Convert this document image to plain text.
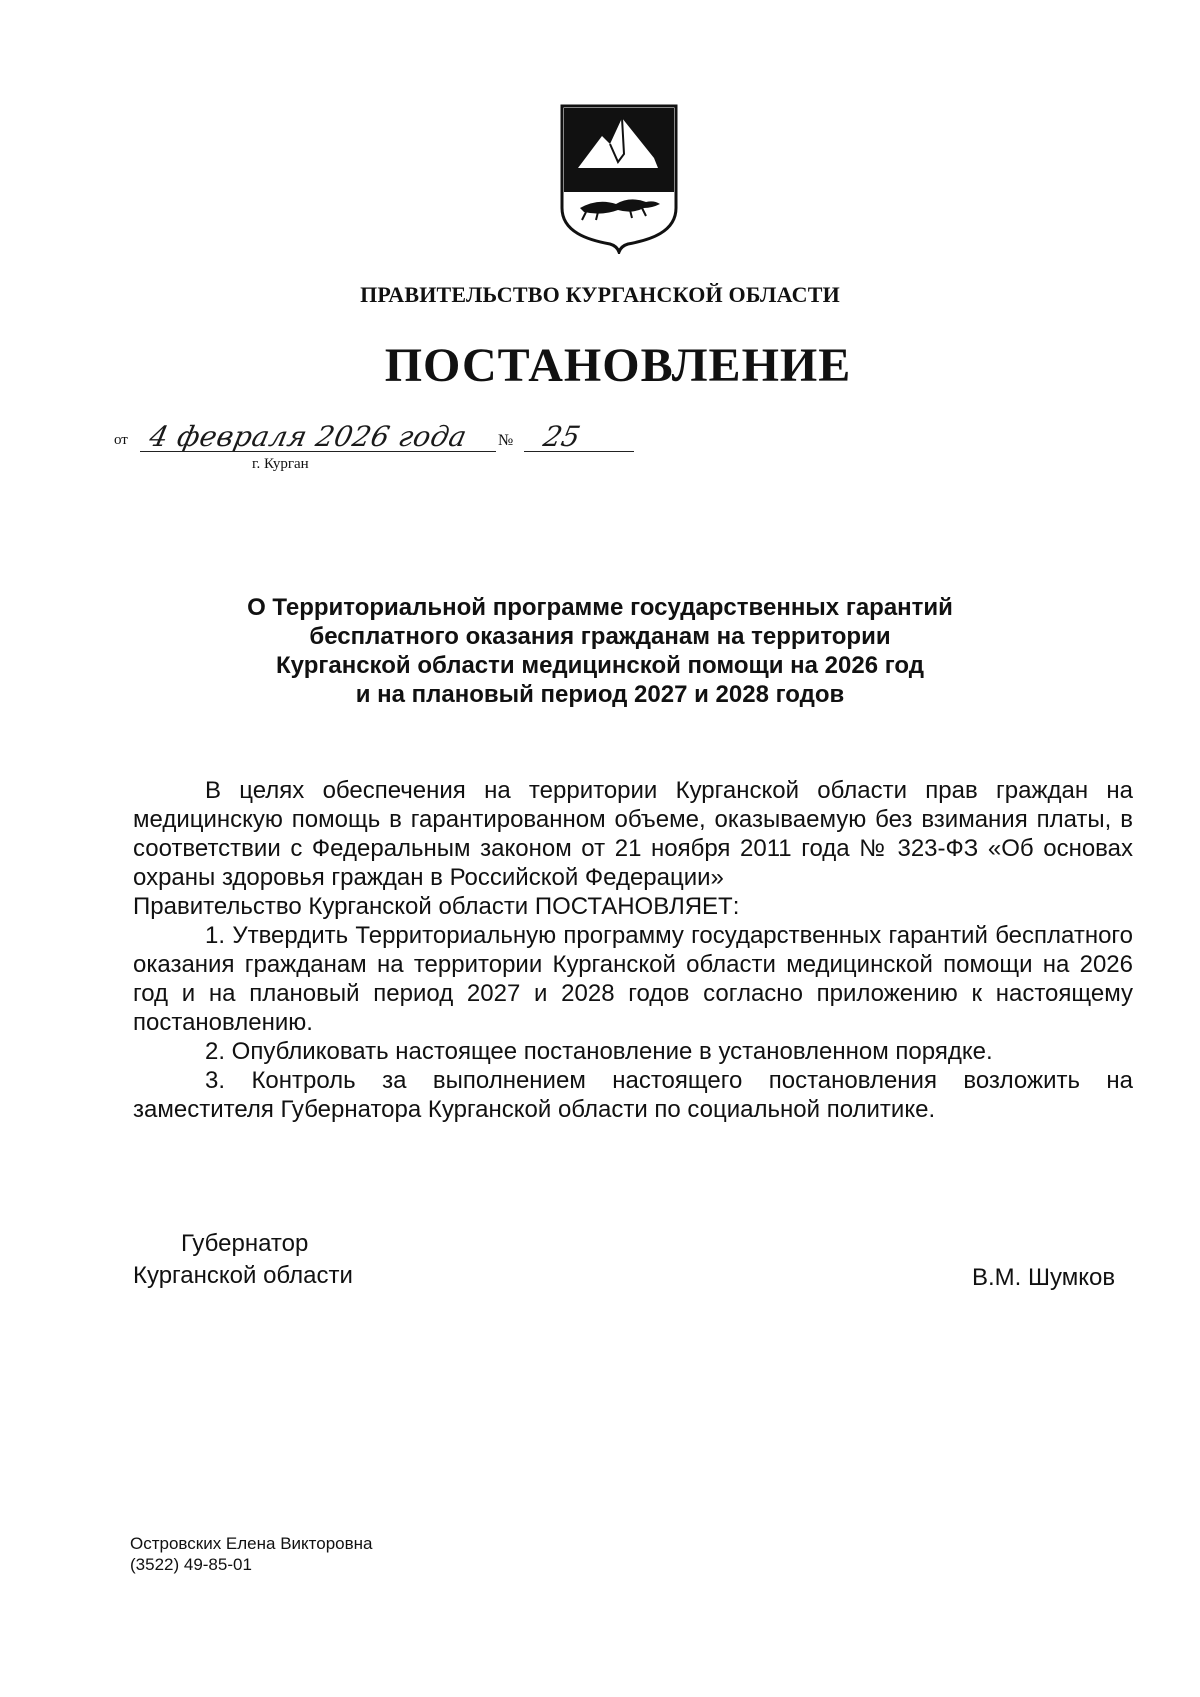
ПРАВИТЕЛЬСТВО КУРГАНСКОЙ ОБЛАСТИ
ПОСТАНОВЛЕНИЕ
от 4 февраля 2026 года № 25
г. Курган
О Территориальной программе государственных гарантий
бесплатного оказания гражданам на территории
Курганской области медицинской помощи на 2026 год
и на плановый период 2027 и 2028 годов

В целях обеспечения на территории Курганской области прав граждан на медицинскую помощь в гарантированном объеме, оказываемую без взимания платы, в соответствии с Федеральным законом от 21 ноября 2011 года № 323-ФЗ «Об основах охраны здоровья граждан в Российской Федерации»

Правительство Курганской области ПОСТАНОВЛЯЕТ:

1. Утвердить Территориальную программу государственных гарантий бесплатного оказания гражданам на территории Курганской области медицинской помощи на 2026 год и на плановый период 2027 и 2028 годов согласно приложению к настоящему постановлению.

2. Опубликовать настоящее постановление в установленном порядке.

3. Контроль за выполнением настоящего постановления возложить на заместителя Губернатора Курганской области по социальной политике.

Губернатор
Курганской области	В.М. Шумков
Островских Елена Викторовна
(3522) 49-85-01
